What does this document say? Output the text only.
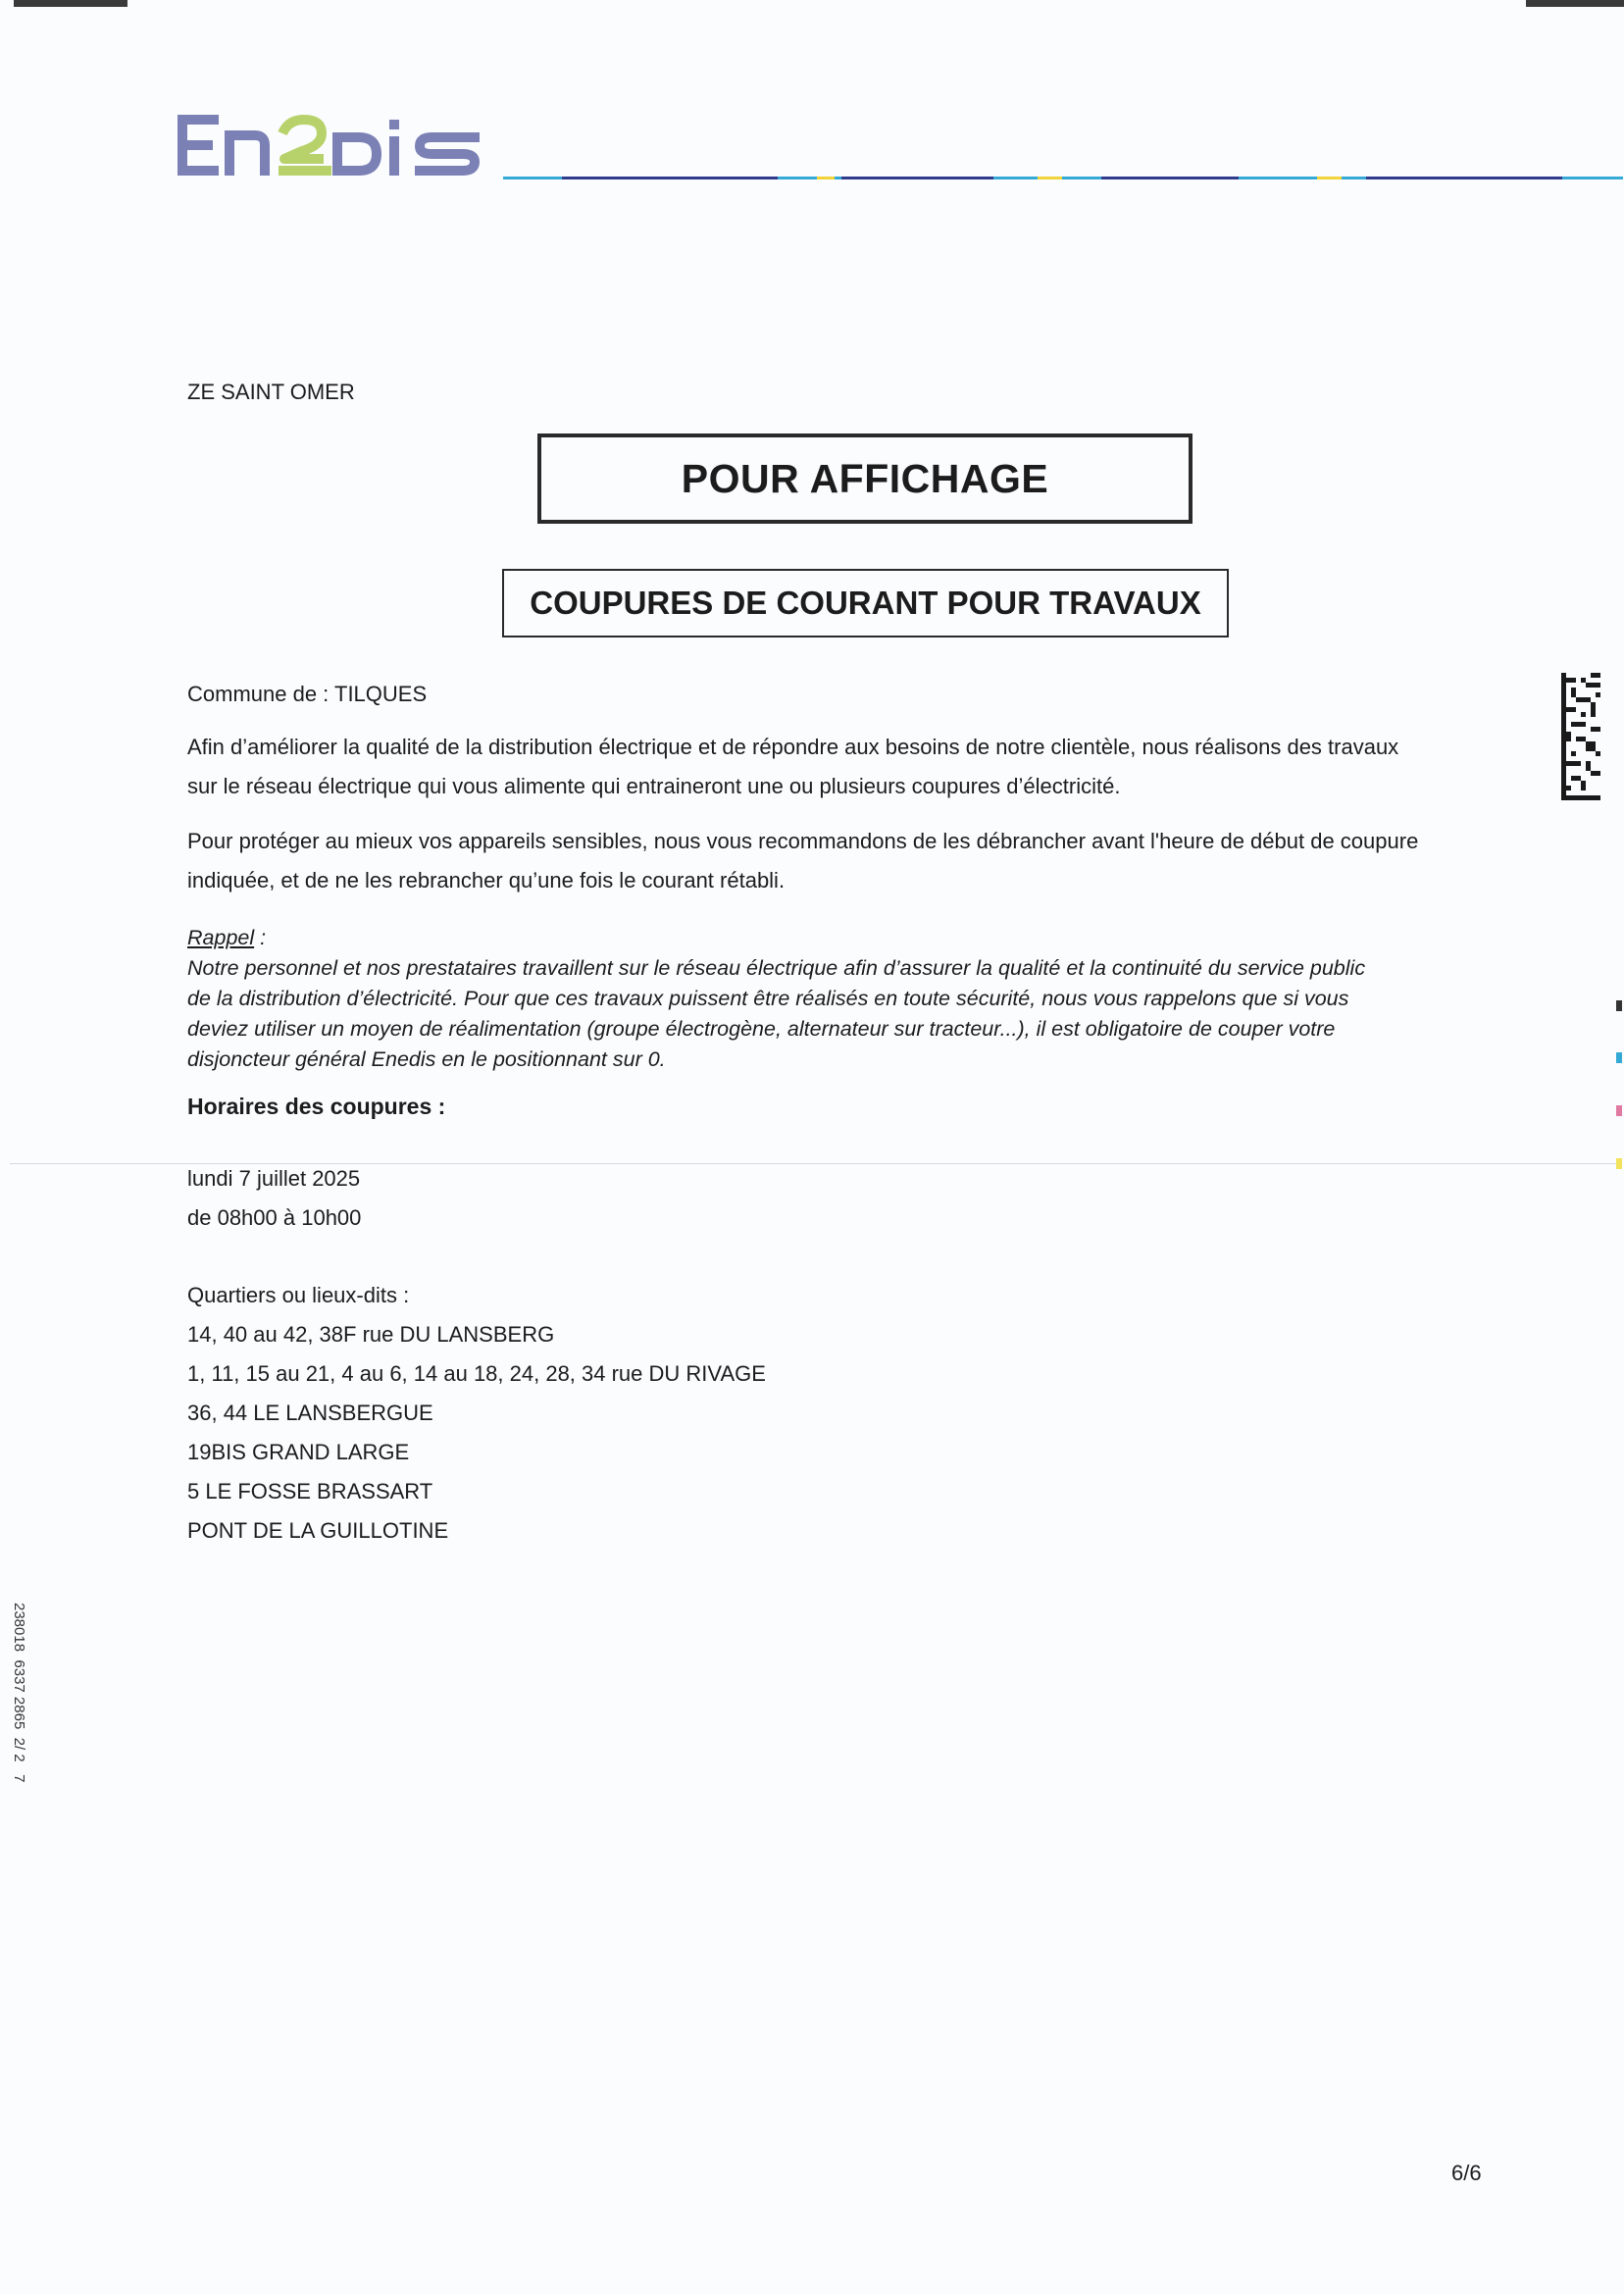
ZE SAINT OMER
POUR AFFICHAGE
COUPURES DE COURANT POUR TRAVAUX
Commune de : TILQUES
Afin d’améliorer la qualité de la distribution électrique et de répondre aux besoins de notre clientèle, nous réalisons des travaux
sur le réseau électrique qui vous alimente qui entraineront une ou plusieurs coupures d’électricité.
Pour protéger au mieux vos appareils sensibles, nous vous recommandons de les débrancher avant l'heure de début de coupure
indiquée, et de ne les rebrancher qu’une fois le courant rétabli.
Rappel :
Notre personnel et nos prestataires travaillent sur le réseau électrique afin d’assurer la qualité et la continuité du service public
de la distribution d’électricité. Pour que ces travaux puissent être réalisés en toute sécurité, nous vous rappelons que si vous
deviez utiliser un moyen de réalimentation (groupe électrogène, alternateur sur tracteur...), il est obligatoire de couper votre
disjoncteur général Enedis en le positionnant sur 0.
Horaires des coupures :
lundi 7 juillet 2025
de 08h00 à 10h00
Quartiers ou lieux-dits :
14, 40 au 42, 38F rue DU LANSBERG
1, 11, 15 au 21, 4 au 6, 14 au 18, 24, 28, 34 rue DU RIVAGE
36, 44 LE LANSBERGUE
19BIS GRAND LARGE
5 LE FOSSE BRASSART
PONT DE LA GUILLOTINE
238018  6337 2865  2/ 2   7
6/6
